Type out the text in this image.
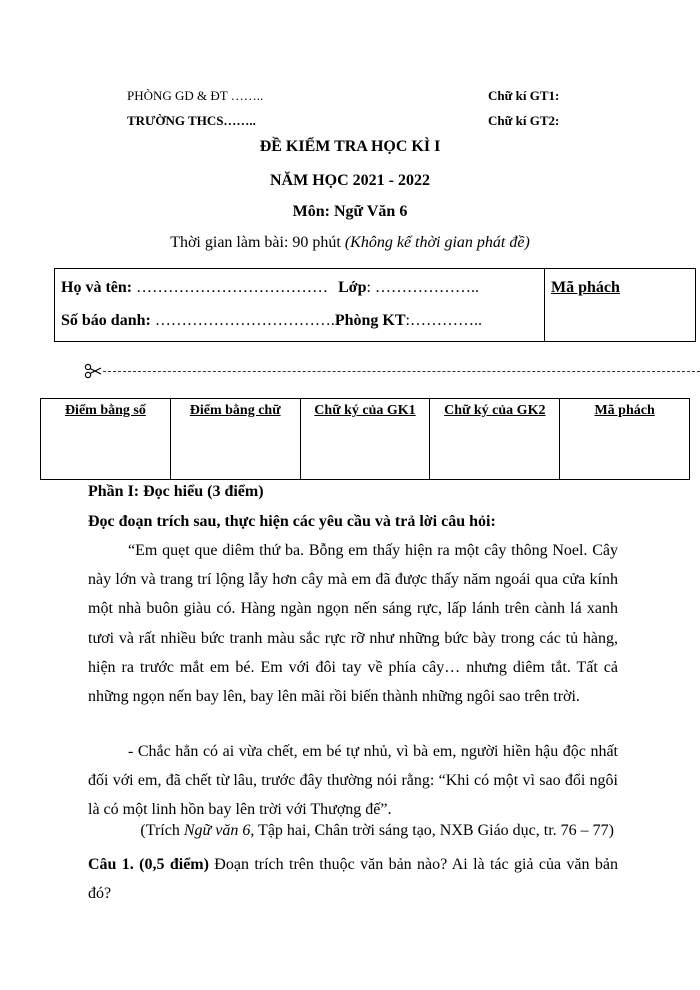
PHÒNG GD & ĐT ……..
TRƯỜNG THCS……..
Chữ kí GT1:
Chữ kí GT2:
ĐỀ KIỂM TRA HỌC KÌ I
NĂM HỌC 2021 - 2022
Môn: Ngữ Văn 6
Thời gian làm bài: 90 phút (Không kể thời gian phát đề)
Họ và tên: ……………………………… Lớp: ………………..
Số báo danh: …………………………….Phòng KT:…………..
Mã phách
Điểm bằng số	Điểm bằng chữ	Chữ ký của GK1	Chữ ký của GK2	Mã phách
Phần I: Đọc hiểu (3 điểm)
Đọc đoạn trích sau, thực hiện các yêu cầu và trả lời câu hỏi:
“Em quẹt que diêm thứ ba. Bỗng em thấy hiện ra một cây thông Noel. Cây này lớn và trang trí lộng lẫy hơn cây mà em đã được thấy năm ngoái qua cửa kính một nhà buôn giàu có. Hàng ngàn ngọn nến sáng rực, lấp lánh trên cành lá xanh tươi và rất nhiều bức tranh màu sắc rực rỡ như những bức bày trong các tủ hàng, hiện ra trước mắt em bé. Em với đôi tay về phía cây… nhưng diêm tắt. Tất cả những ngọn nến bay lên, bay lên mãi rồi biến thành những ngôi sao trên trời.
- Chắc hẳn có ai vừa chết, em bé tự nhủ, vì bà em, người hiền hậu độc nhất đối với em, đã chết từ lâu, trước đây thường nói rằng: “Khi có một vì sao đổi ngôi là có một linh hồn bay lên trời với Thượng đế”.
(Trích Ngữ văn 6, Tập hai, Chân trời sáng tạo, NXB Giáo dục, tr. 76 – 77)
Câu 1. (0,5 điểm) Đoạn trích trên thuộc văn bản nào? Ai là tác giả của văn bản đó?
